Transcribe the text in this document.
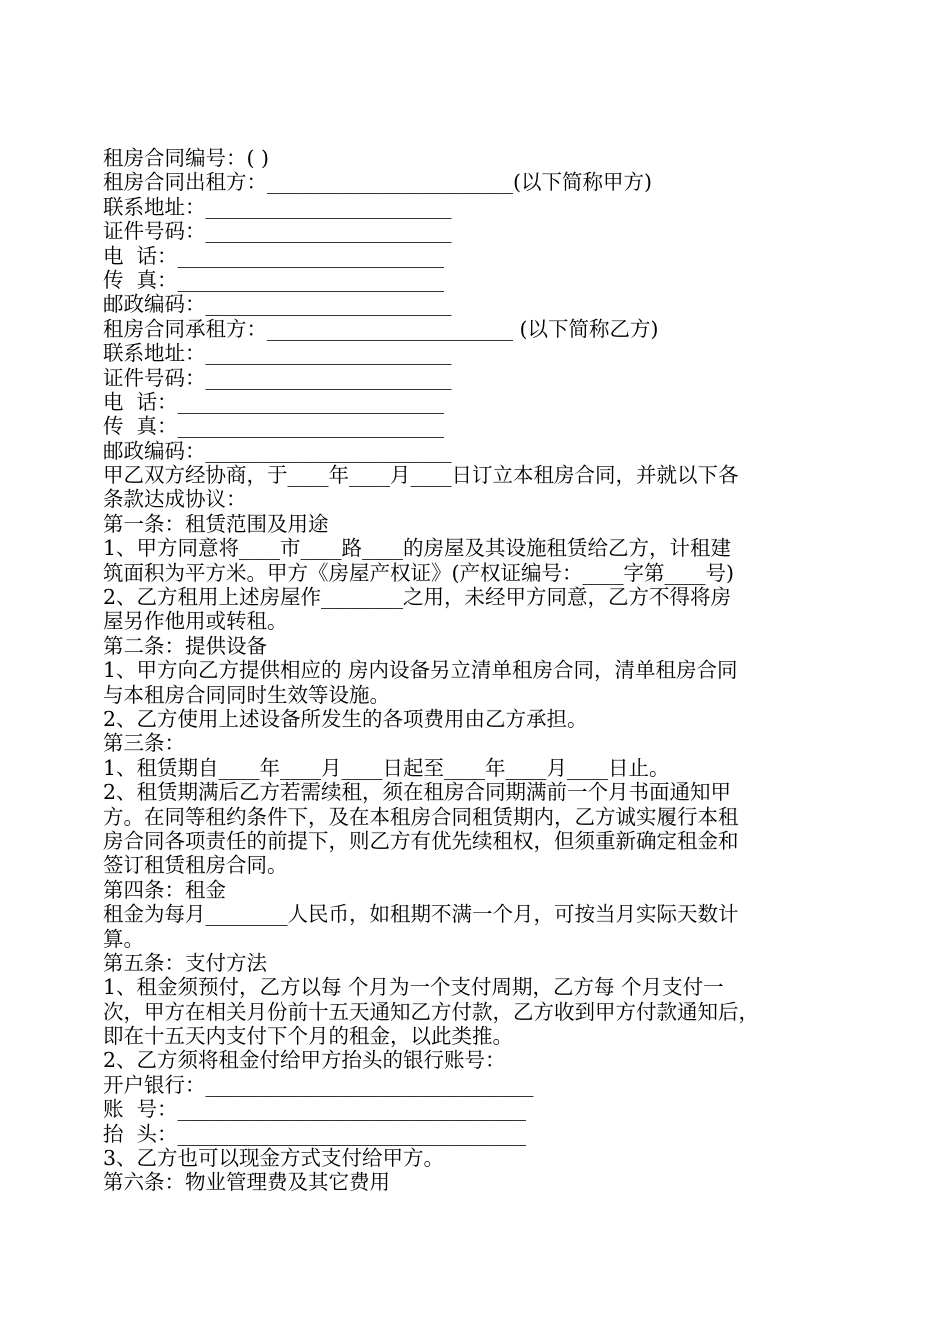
租房合同编号：( )
租房合同出租方：________________________(以下简称甲方)
联系地址：________________________
证件号码：________________________
电  话：__________________________
传  真：__________________________
邮政编码：________________________
租房合同承租方：________________________ (以下简称乙方)
联系地址：________________________
证件号码：________________________
电  话：__________________________
传  真：__________________________
邮政编码：________________________
甲乙双方经协商，于____年____月____日订立本租房合同，并就以下各
条款达成协议：
第一条：租赁范围及用途
1、甲方同意将____市____路____的房屋及其设施租赁给乙方，计租建
筑面积为平方米。甲方《房屋产权证》(产权证编号：____字第____号)
2、乙方租用上述房屋作________之用，未经甲方同意，乙方不得将房
屋另作他用或转租。
第二条：提供设备
1、甲方向乙方提供相应的 房内设备另立清单租房合同，清单租房合同
与本租房合同同时生效等设施。
2、乙方使用上述设备所发生的各项费用由乙方承担。
第三条：
1、租赁期自____年____月____日起至____年____月____日止。
2、租赁期满后乙方若需续租，须在租房合同期满前一个月书面通知甲
方。在同等租约条件下，及在本租房合同租赁期内，乙方诚实履行本租
房合同各项责任的前提下，则乙方有优先续租权，但须重新确定租金和
签订租赁租房合同。
第四条：租金
租金为每月________人民币，如租期不满一个月，可按当月实际天数计
算。
第五条：支付方法
1、租金须预付，乙方以每 个月为一个支付周期，乙方每 个月支付一
次，甲方在相关月份前十五天通知乙方付款，乙方收到甲方付款通知后，
即在十五天内支付下个月的租金，以此类推。
2、乙方须将租金付给甲方抬头的银行账号：
开户银行：________________________________
账  号：__________________________________
抬  头：__________________________________
3、乙方也可以现金方式支付给甲方。
第六条：物业管理费及其它费用
